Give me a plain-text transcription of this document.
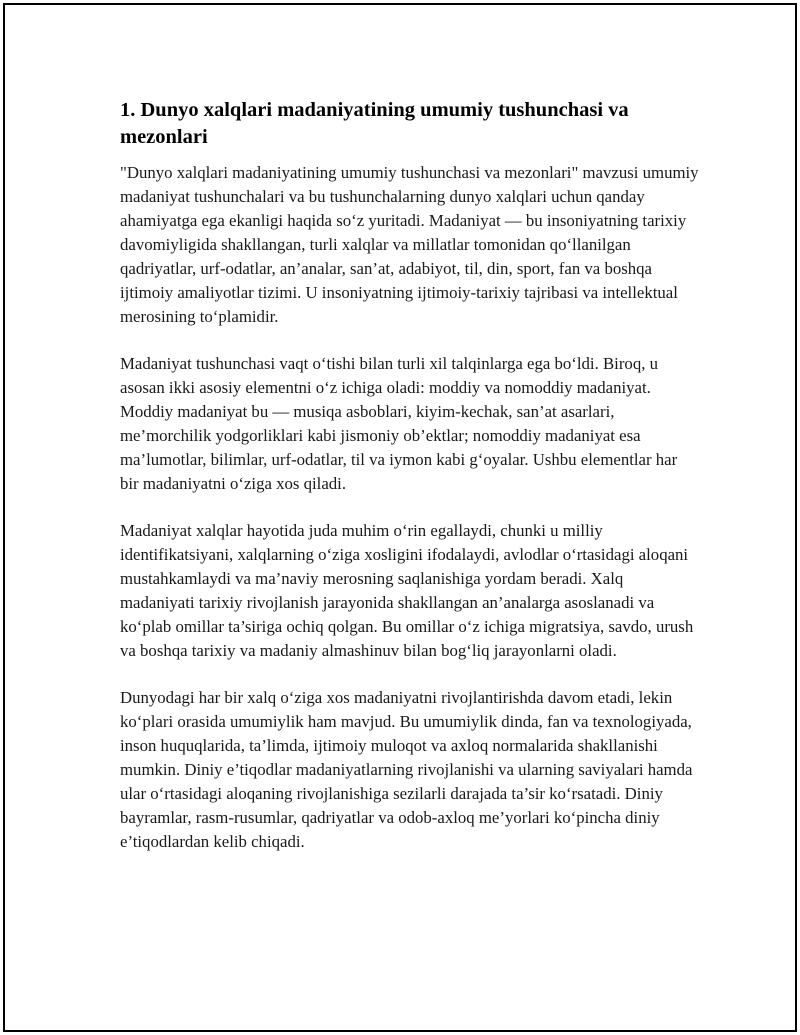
1. Dunyo xalqlari madaniyatining umumiy tushunchasi va mezonlari

"Dunyo xalqlari madaniyatining umumiy tushunchasi va mezonlari" mavzusi umumiy madaniyat tushunchalari va bu tushunchalarning dunyo xalqlari uchun qanday ahamiyatga ega ekanligi haqida so‘z yuritadi. Madaniyat — bu insoniyatning tarixiy davomiyligida shakllangan, turli xalqlar va millatlar tomonidan qo‘llanilgan qadriyatlar, urf-odatlar, an’analar, san’at, adabiyot, til, din, sport, fan va boshqa ijtimoiy amaliyotlar tizimi. U insoniyatning ijtimoiy-tarixiy tajribasi va intellektual merosining to‘plamidir.

Madaniyat tushunchasi vaqt o‘tishi bilan turli xil talqinlarga ega bo‘ldi. Biroq, u asosan ikki asosiy elementni o‘z ichiga oladi: moddiy va nomoddiy madaniyat. Moddiy madaniyat bu — musiqa asboblari, kiyim-kechak, san’at asarlari, me’morchilik yodgorliklari kabi jismoniy ob’ektlar; nomoddiy madaniyat esa ma’lumotlar, bilimlar, urf-odatlar, til va iymon kabi g‘oyalar. Ushbu elementlar har bir madaniyatni o‘ziga xos qiladi.

Madaniyat xalqlar hayotida juda muhim o‘rin egallaydi, chunki u milliy identifikatsiyani, xalqlarning o‘ziga xosligini ifodalaydi, avlodlar o‘rtasidagi aloqani mustahkamlaydi va ma’naviy merosning saqlanishiga yordam beradi. Xalq madaniyati tarixiy rivojlanish jarayonida shakllangan an’analarga asoslanadi va ko‘plab omillar ta’siriga ochiq qolgan. Bu omillar o‘z ichiga migratsiya, savdo, urush va boshqa tarixiy va madaniy almashinuv bilan bog‘liq jarayonlarni oladi.

Dunyodagi har bir xalq o‘ziga xos madaniyatni rivojlantirishda davom etadi, lekin ko‘plari orasida umumiylik ham mavjud. Bu umumiylik dinda, fan va texnologiyada, inson huquqlarida, ta’limda, ijtimoiy muloqot va axloq normalarida shakllanishi mumkin. Diniy e’tiqodlar madaniyatlarning rivojlanishi va ularning saviyalari hamda ular o‘rtasidagi aloqaning rivojlanishiga sezilarli darajada ta’sir ko‘rsatadi. Diniy bayramlar, rasm-rusumlar, qadriyatlar va odob-axloq me’yorlari ko‘pincha diniy e’tiqodlardan kelib chiqadi.
